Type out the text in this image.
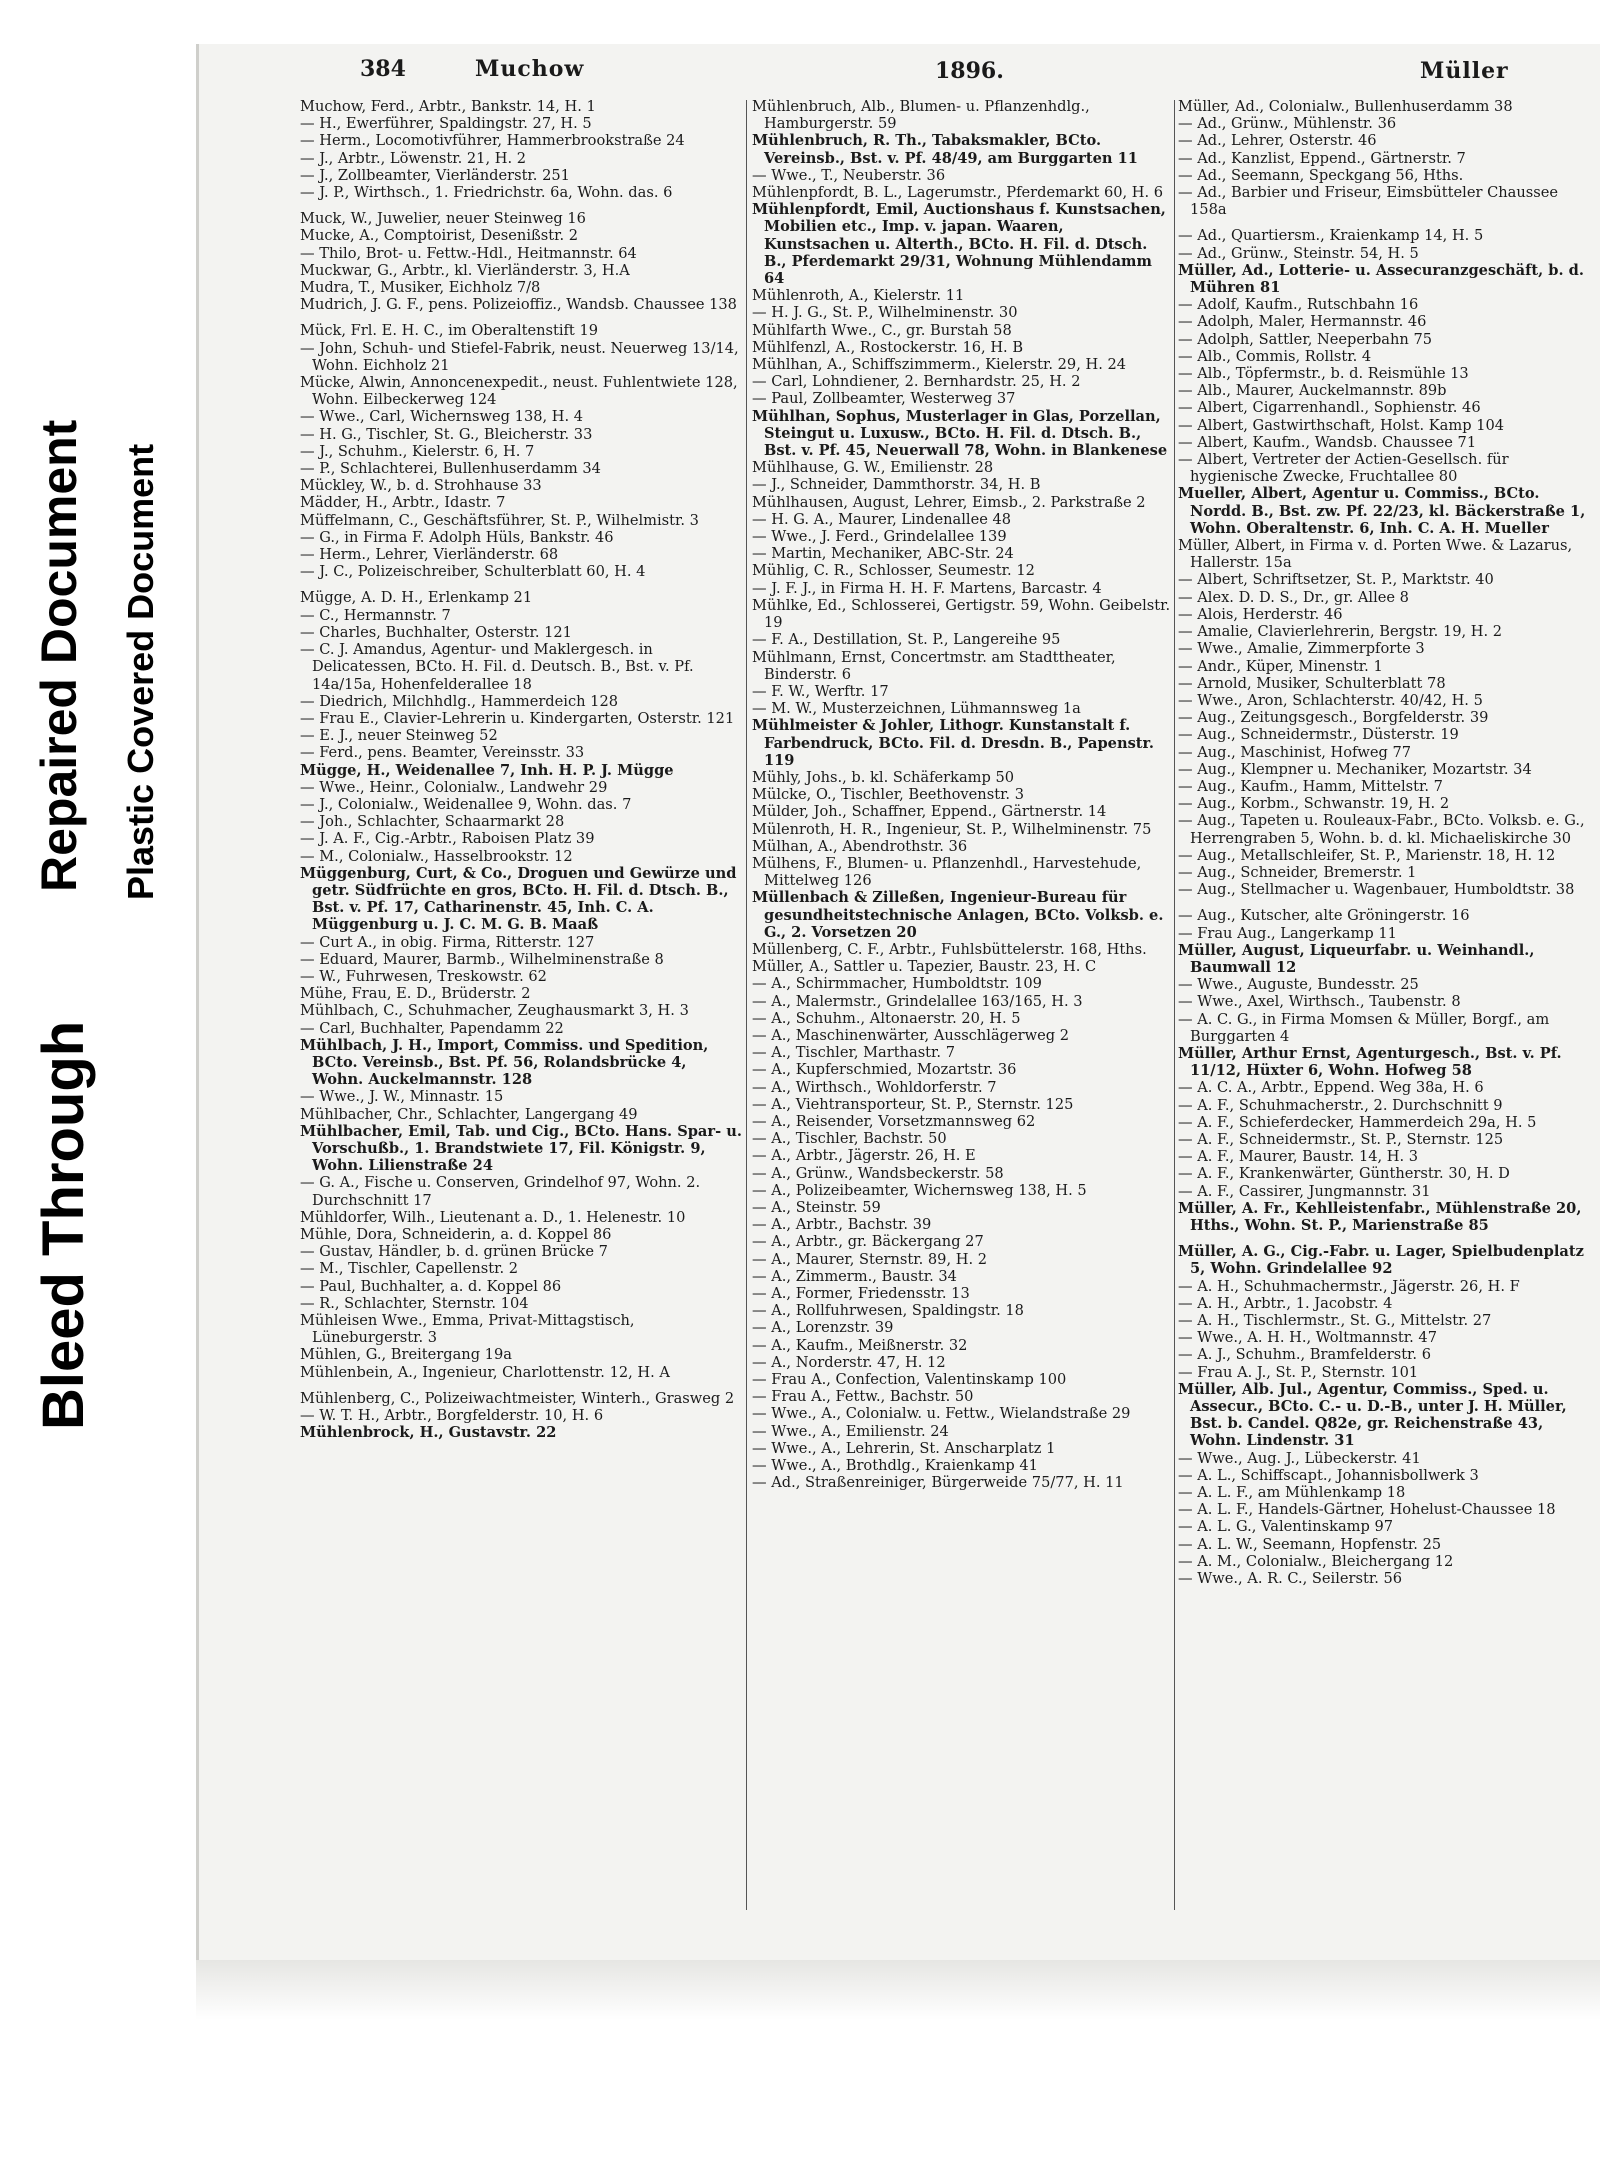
Bleed Through
Repaired Document Plastic Covered Document
384	Muchow	1896.	Müller

Muchow, Ferd., Arbtr., Bankstr. 14, H. 1

— H., Ewerführer, Spaldingstr. 27, H. 5

— Herm., Locomotivführer, Hammerbrookstraße 24

— J., Arbtr., Löwenstr. 21, H. 2

— J., Zollbeamter, Vierländerstr. 251

— J. P., Wirthsch., 1. Friedrichstr. 6a, Wohn. das. 6

Muck, W., Juwelier, neuer Steinweg 16

Mucke, A., Comptoirist, Desenißstr. 2

— Thilo, Brot- u. Fettw.-Hdl., Heitmannstr. 64

Muckwar, G., Arbtr., kl. Vierländerstr. 3, H.A

Mudra, T., Musiker, Eichholz 7/8

Mudrich, J. G. F., pens. Polizeioffiz., Wandsb. Chaussee 138

Mück, Frl. E. H. C., im Oberaltenstift 19

— John, Schuh- und Stiefel-Fabrik, neust. Neuerweg 13/14, Wohn. Eichholz 21

Mücke, Alwin, Annoncenexpedit., neust. Fuhlentwiete 128, Wohn. Eilbeckerweg 124

— Wwe., Carl, Wichernsweg 138, H. 4

— H. G., Tischler, St. G., Bleicherstr. 33

— J., Schuhm., Kielerstr. 6, H. 7

— P., Schlachterei, Bullenhuserdamm 34

Mückley, W., b. d. Strohhause 33

Mädder, H., Arbtr., Idastr. 7

Müffelmann, C., Geschäftsführer, St. P., Wilhelmistr. 3

— G., in Firma F. Adolph Hüls, Bankstr. 46

— Herm., Lehrer, Vierländerstr. 68

— J. C., Polizeischreiber, Schulterblatt 60, H. 4

Mügge, A. D. H., Erlenkamp 21

— C., Hermannstr. 7

— Charles, Buchhalter, Osterstr. 121

— C. J. Amandus, Agentur- und Maklergesch. in Delicatessen, BCto. H. Fil. d. Deutsch. B., Bst. v. Pf. 14a/15a, Hohenfelderallee 18

— Diedrich, Milchhdlg., Hammerdeich 128

— Frau E., Clavier-Lehrerin u. Kindergarten, Osterstr. 121

— E. J., neuer Steinweg 52

— Ferd., pens. Beamter, Vereinsstr. 33

Mügge, H., Weidenallee 7, Inh. H. P. J. Mügge

— Wwe., Heinr., Colonialw., Landwehr 29

— J., Colonialw., Weidenallee 9, Wohn. das. 7

— Joh., Schlachter, Schaarmarkt 28

— J. A. F., Cig.-Arbtr., Raboisen Platz 39

— M., Colonialw., Hasselbrookstr. 12

Müggenburg, Curt, & Co., Droguen und Gewürze und getr. Südfrüchte en gros, BCto. H. Fil. d. Dtsch. B., Bst. v. Pf. 17, Catharinenstr. 45, Inh. C. A. Müggenburg u. J. C. M. G. B. Maaß

— Curt A., in obig. Firma, Ritterstr. 127

— Eduard, Maurer, Barmb., Wilhelminenstraße 8

— W., Fuhrwesen, Treskowstr. 62

Mühe, Frau, E. D., Brüderstr. 2

Mühlbach, C., Schuhmacher, Zeughausmarkt 3, H. 3

— Carl, Buchhalter, Papendamm 22

Mühlbach, J. H., Import, Commiss. und Spedition, BCto. Vereinsb., Bst. Pf. 56, Rolandsbrücke 4, Wohn. Auckelmannstr. 128

— Wwe., J. W., Minnastr. 15

Mühlbacher, Chr., Schlachter, Langergang 49

Mühlbacher, Emil, Tab. und Cig., BCto. Hans. Spar- u. Vorschußb., 1. Brandstwiete 17, Fil. Königstr. 9, Wohn. Lilienstraße 24

— G. A., Fische u. Conserven, Grindelhof 97, Wohn. 2. Durchschnitt 17

Mühldorfer, Wilh., Lieutenant a. D., 1. Helenestr. 10

Mühle, Dora, Schneiderin, a. d. Koppel 86

— Gustav, Händler, b. d. grünen Brücke 7

— M., Tischler, Capellenstr. 2

— Paul, Buchhalter, a. d. Koppel 86

— R., Schlachter, Sternstr. 104

Mühleisen Wwe., Emma, Privat-Mittagstisch, Lüneburgerstr. 3

Mühlen, G., Breitergang 19a

Mühlenbein, A., Ingenieur, Charlottenstr. 12, H. A

Mühlenberg, C., Polizeiwachtmeister, Winterh., Grasweg 2

— W. T. H., Arbtr., Borgfelderstr. 10, H. 6

Mühlenbrock, H., Gustavstr. 22

Mühlenbruch, Alb., Blumen- u. Pflanzenhdlg., Hamburgerstr. 59

Mühlenbruch, R. Th., Tabaksmakler, BCto. Vereinsb., Bst. v. Pf. 48/49, am Burggarten 11

— Wwe., T., Neuberstr. 36

Mühlenpfordt, B. L., Lagerumstr., Pferdemarkt 60, H. 6

Mühlenpfordt, Emil, Auctionshaus f. Kunstsachen, Mobilien etc., Imp. v. japan. Waaren, Kunstsachen u. Alterth., BCto. H. Fil. d. Dtsch. B., Pferdemarkt 29/31, Wohnung Mühlendamm 64

Mühlenroth, A., Kielerstr. 11

— H. J. G., St. P., Wilhelminenstr. 30

Mühlfarth Wwe., C., gr. Burstah 58

Mühlfenzl, A., Rostockerstr. 16, H. B

Mühlhan, A., Schiffszimmerm., Kielerstr. 29, H. 24

— Carl, Lohndiener, 2. Bernhardstr. 25, H. 2

— Paul, Zollbeamter, Westerweg 37

Mühlhan, Sophus, Musterlager in Glas, Porzellan, Steingut u. Luxusw., BCto. H. Fil. d. Dtsch. B., Bst. v. Pf. 45, Neuerwall 78, Wohn. in Blankenese

Mühlhause, G. W., Emilienstr. 28

— J., Schneider, Dammthorstr. 34, H. B

Mühlhausen, August, Lehrer, Eimsb., 2. Parkstraße 2

— H. G. A., Maurer, Lindenallee 48

— Wwe., J. Ferd., Grindelallee 139

— Martin, Mechaniker, ABC-Str. 24

Mühlig, C. R., Schlosser, Seumestr. 12

— J. F. J., in Firma H. H. F. Martens, Barcastr. 4

Mühlke, Ed., Schlosserei, Gertigstr. 59, Wohn. Geibelstr. 19

— F. A., Destillation, St. P., Langereihe 95

Mühlmann, Ernst, Concertmstr. am Stadttheater, Binderstr. 6

— F. W., Werftr. 17

— M. W., Musterzeichnen, Lühmannsweg 1a

Mühlmeister & Johler, Lithogr. Kunstanstalt f. Farbendruck, BCto. Fil. d. Dresdn. B., Papenstr. 119

Mühly, Johs., b. kl. Schäferkamp 50

Mülcke, O., Tischler, Beethovenstr. 3

Mülder, Joh., Schaffner, Eppend., Gärtnerstr. 14

Mülenroth, H. R., Ingenieur, St. P., Wilhelminenstr. 75

Mülhan, A., Abendrothstr. 36

Mülhens, F., Blumen- u. Pflanzenhdl., Harvestehude, Mittelweg 126

Müllenbach & Zilleßen, Ingenieur-Bureau für gesundheitstechnische Anlagen, BCto. Volksb. e. G., 2. Vorsetzen 20

Müllenberg, C. F., Arbtr., Fuhlsbüttelerstr. 168, Hths.

Müller, A., Sattler u. Tapezier, Baustr. 23, H. C

— A., Schirmmacher, Humboldtstr. 109

— A., Malermstr., Grindelallee 163/165, H. 3

— A., Schuhm., Altonaerstr. 20, H. 5

— A., Maschinenwärter, Ausschlägerweg 2

— A., Tischler, Marthastr. 7

— A., Kupferschmied, Mozartstr. 36

— A., Wirthsch., Wohldorferstr. 7

— A., Viehtransporteur, St. P., Sternstr. 125

— A., Reisender, Vorsetzmannsweg 62

— A., Tischler, Bachstr. 50

— A., Arbtr., Jägerstr. 26, H. E

— A., Grünw., Wandsbeckerstr. 58

— A., Polizeibeamter, Wichernsweg 138, H. 5

— A., Steinstr. 59

— A., Arbtr., Bachstr. 39

— A., Arbtr., gr. Bäckergang 27

— A., Maurer, Sternstr. 89, H. 2

— A., Zimmerm., Baustr. 34

— A., Former, Friedensstr. 13

— A., Rollfuhrwesen, Spaldingstr. 18

— A., Lorenzstr. 39

— A., Kaufm., Meißnerstr. 32

— A., Norderstr. 47, H. 12

— Frau A., Confection, Valentinskamp 100

— Frau A., Fettw., Bachstr. 50

— Wwe., A., Colonialw. u. Fettw., Wielandstraße 29

— Wwe., A., Emilienstr. 24

— Wwe., A., Lehrerin, St. Anscharplatz 1

— Wwe., A., Brothdlg., Kraienkamp 41

— Ad., Straßenreiniger, Bürgerweide 75/77, H. 11

Müller, Ad., Colonialw., Bullenhuserdamm 38

— Ad., Grünw., Mühlenstr. 36

— Ad., Lehrer, Osterstr. 46

— Ad., Kanzlist, Eppend., Gärtnerstr. 7

— Ad., Seemann, Speckgang 56, Hths.

— Ad., Barbier und Friseur, Eimsbütteler Chaussee 158a

— Ad., Quartiersm., Kraienkamp 14, H. 5

— Ad., Grünw., Steinstr. 54, H. 5

Müller, Ad., Lotterie- u. Assecuranzgeschäft, b. d. Mühren 81

— Adolf, Kaufm., Rutschbahn 16

— Adolph, Maler, Hermannstr. 46

— Adolph, Sattler, Neeperbahn 75

— Alb., Commis, Rollstr. 4

— Alb., Töpfermstr., b. d. Reismühle 13

— Alb., Maurer, Auckelmannstr. 89b

— Albert, Cigarrenhandl., Sophienstr. 46

— Albert, Gastwirthschaft, Holst. Kamp 104

— Albert, Kaufm., Wandsb. Chaussee 71

— Albert, Vertreter der Actien-Gesellsch. für hygienische Zwecke, Fruchtallee 80

Mueller, Albert, Agentur u. Commiss., BCto. Nordd. B., Bst. zw. Pf. 22/23, kl. Bäckerstraße 1, Wohn. Oberaltenstr. 6, Inh. C. A. H. Mueller

Müller, Albert, in Firma v. d. Porten Wwe. & Lazarus, Hallerstr. 15a

— Albert, Schriftsetzer, St. P., Marktstr. 40

— Alex. D. D. S., Dr., gr. Allee 8

— Alois, Herderstr. 46

— Amalie, Clavierlehrerin, Bergstr. 19, H. 2

— Wwe., Amalie, Zimmerpforte 3

— Andr., Küper, Minenstr. 1

— Arnold, Musiker, Schulterblatt 78

— Wwe., Aron, Schlachterstr. 40/42, H. 5

— Aug., Zeitungsgesch., Borgfelderstr. 39

— Aug., Schneidermstr., Düsterstr. 19

— Aug., Maschinist, Hofweg 77

— Aug., Klempner u. Mechaniker, Mozartstr. 34

— Aug., Kaufm., Hamm, Mittelstr. 7

— Aug., Korbm., Schwanstr. 19, H. 2

— Aug., Tapeten u. Rouleaux-Fabr., BCto. Volksb. e. G., Herrengraben 5, Wohn. b. d. kl. Michaeliskirche 30

— Aug., Metallschleifer, St. P., Marienstr. 18, H. 12

— Aug., Schneider, Bremerstr. 1

— Aug., Stellmacher u. Wagenbauer, Humboldtstr. 38

— Aug., Kutscher, alte Gröningerstr. 16

— Frau Aug., Langerkamp 11

Müller, August, Liqueurfabr. u. Weinhandl., Baumwall 12

— Wwe., Auguste, Bundesstr. 25

— Wwe., Axel, Wirthsch., Taubenstr. 8

— A. C. G., in Firma Momsen & Müller, Borgf., am Burggarten 4

Müller, Arthur Ernst, Agenturgesch., Bst. v. Pf. 11/12, Hüxter 6, Wohn. Hofweg 58

— A. C. A., Arbtr., Eppend. Weg 38a, H. 6

— A. F., Schuhmacherstr., 2. Durchschnitt 9

— A. F., Schieferdecker, Hammerdeich 29a, H. 5

— A. F., Schneidermstr., St. P., Sternstr. 125

— A. F., Maurer, Baustr. 14, H. 3

— A. F., Krankenwärter, Güntherstr. 30, H. D

— A. F., Cassirer, Jungmannstr. 31

Müller, A. Fr., Kehlleistenfabr., Mühlenstraße 20, Hths., Wohn. St. P., Marienstraße 85

Müller, A. G., Cig.-Fabr. u. Lager, Spielbudenplatz 5, Wohn. Grindelallee 92

— A. H., Schuhmachermstr., Jägerstr. 26, H. F

— A. H., Arbtr., 1. Jacobstr. 4

— A. H., Tischlermstr., St. G., Mittelstr. 27

— Wwe., A. H. H., Woltmannstr. 47

— A. J., Schuhm., Bramfelderstr. 6

— Frau A. J., St. P., Sternstr. 101

Müller, Alb. Jul., Agentur, Commiss., Sped. u. Assecur., BCto. C.- u. D.-B., unter J. H. Müller, Bst. b. Candel. Q82e, gr. Reichenstraße 43, Wohn. Lindenstr. 31

— Wwe., Aug. J., Lübeckerstr. 41

— A. L., Schiffscapt., Johannisbollwerk 3

— A. L. F., am Mühlenkamp 18

— A. L. F., Handels-Gärtner, Hohelust-Chaussee 18

— A. L. G., Valentinskamp 97

— A. L. W., Seemann, Hopfenstr. 25

— A. M., Colonialw., Bleichergang 12

— Wwe., A. R. C., Seilerstr. 56
